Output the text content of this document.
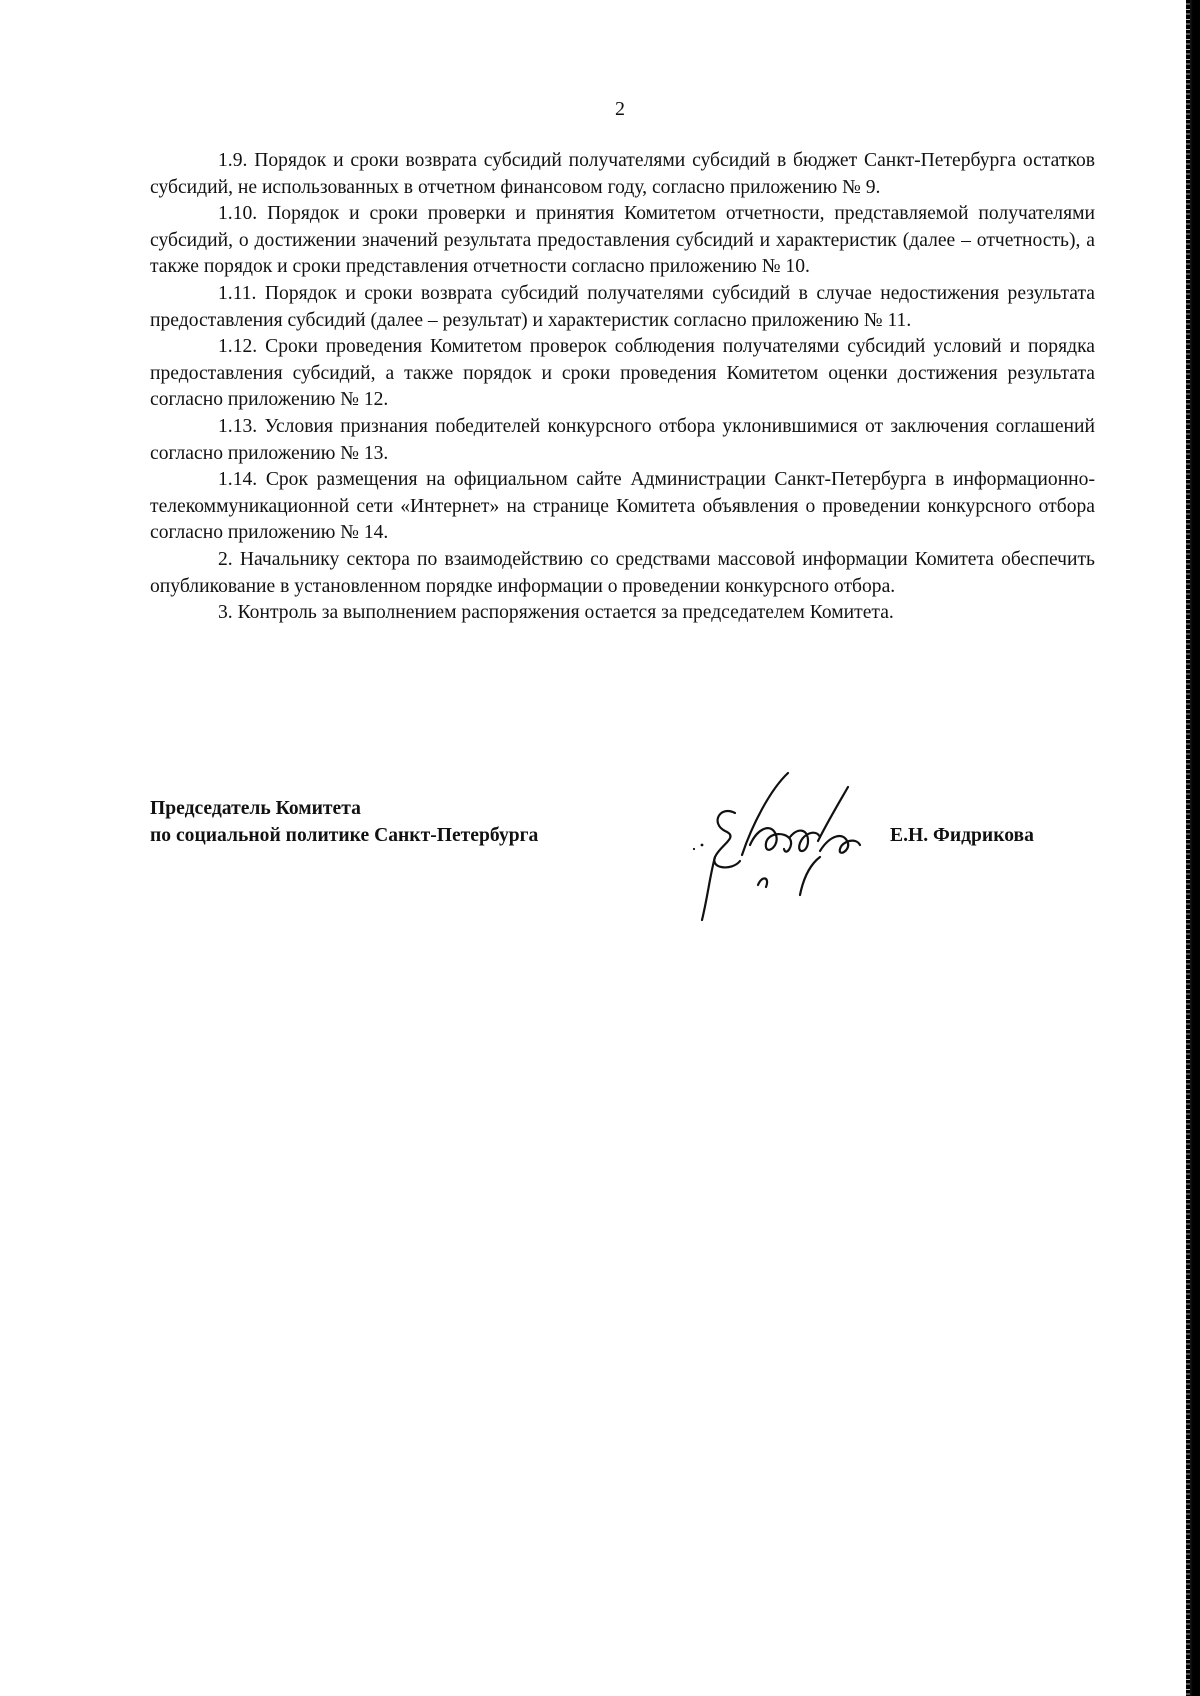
2

1.9. Порядок и сроки возврата субсидий получателями субсидий в бюджет Санкт-Петербурга остатков субсидий, не использованных в отчетном финансовом году, согласно приложению № 9.

1.10. Порядок и сроки проверки и принятия Комитетом отчетности, представляемой получателями субсидий, о достижении значений результата предоставления субсидий и характеристик (далее – отчетность), а также порядок и сроки представления отчетности согласно приложению № 10.

1.11. Порядок и сроки возврата субсидий получателями субсидий в случае недостижения результата предоставления субсидий (далее – результат) и характеристик согласно приложению № 11.

1.12. Сроки проведения Комитетом проверок соблюдения получателями субсидий условий и порядка предоставления субсидий, а также порядок и сроки проведения Комитетом оценки достижения результата согласно приложению № 12.

1.13. Условия признания победителей конкурсного отбора уклонившимися от заключения соглашений согласно приложению № 13.

1.14. Срок размещения на официальном сайте Администрации Санкт-Петербурга в информационно-телекоммуникационной сети «Интернет» на странице Комитета объявления о проведении конкурсного отбора согласно приложению № 14.

2. Начальнику сектора по взаимодействию со средствами массовой информации Комитета обеспечить опубликование в установленном порядке информации о проведении конкурсного отбора.

3. Контроль за выполнением распоряжения остается за председателем Комитета.

Председатель Комитета
по социальной политике Санкт-Петербурга	Е.Н. Фидрикова
